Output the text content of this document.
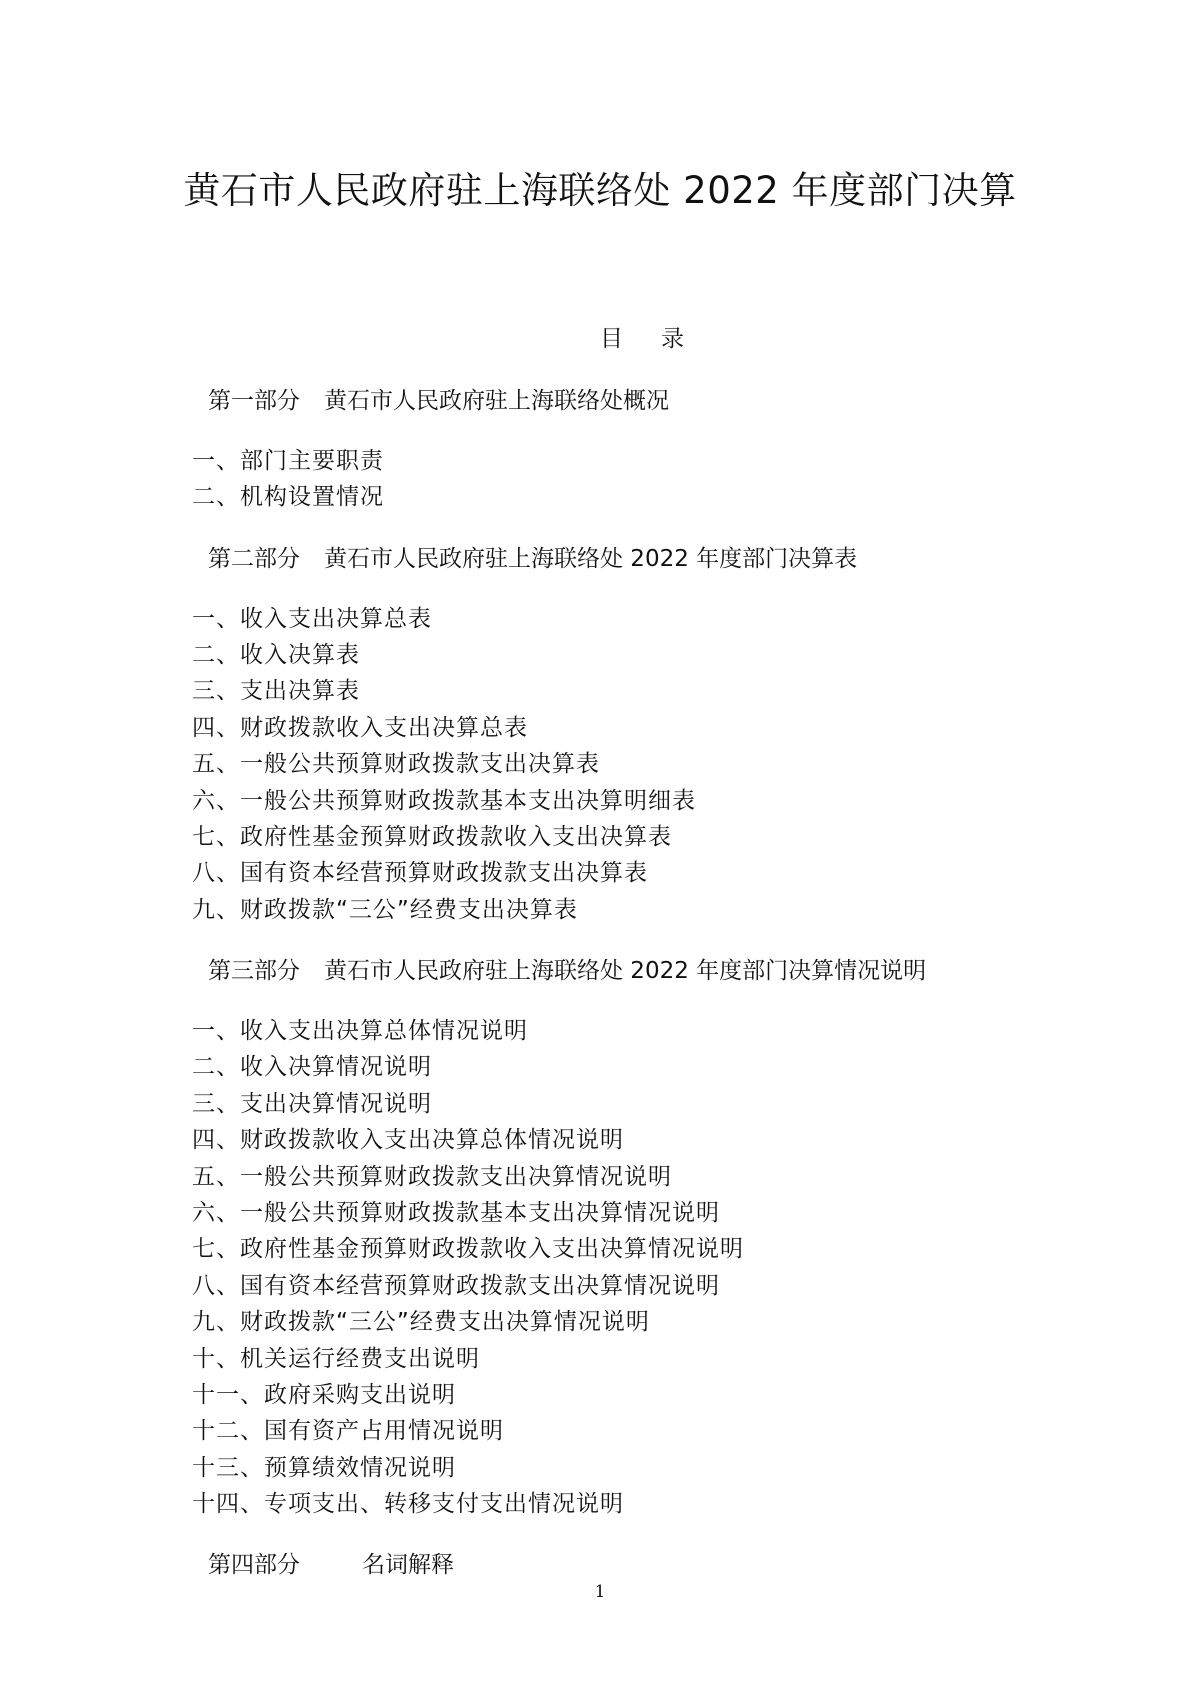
黄石市人民政府驻上海联络处 2022 年度部门决算
目录
第一部分 黄石市人民政府驻上海联络处概况
一、部门主要职责
二、机构设置情况
第二部分 黄石市人民政府驻上海联络处 2022 年度部门决算表
一、收入支出决算总表
二、收入决算表
三、支出决算表
四、财政拨款收入支出决算总表
五、一般公共预算财政拨款支出决算表
六、一般公共预算财政拨款基本支出决算明细表
七、政府性基金预算财政拨款收入支出决算表
八、国有资本经营预算财政拨款支出决算表
九、财政拨款“三公”经费支出决算表
第三部分 黄石市人民政府驻上海联络处 2022 年度部门决算情况说明
一、收入支出决算总体情况说明
二、收入决算情况说明
三、支出决算情况说明
四、财政拨款收入支出决算总体情况说明
五、一般公共预算财政拨款支出决算情况说明
六、一般公共预算财政拨款基本支出决算情况说明
七、政府性基金预算财政拨款收入支出决算情况说明
八、国有资本经营预算财政拨款支出决算情况说明
九、财政拨款“三公”经费支出决算情况说明
十、机关运行经费支出说明
十一、政府采购支出说明
十二、国有资产占用情况说明
十三、预算绩效情况说明
十四、专项支出、转移支付支出情况说明
第四部分	名词解释
1
